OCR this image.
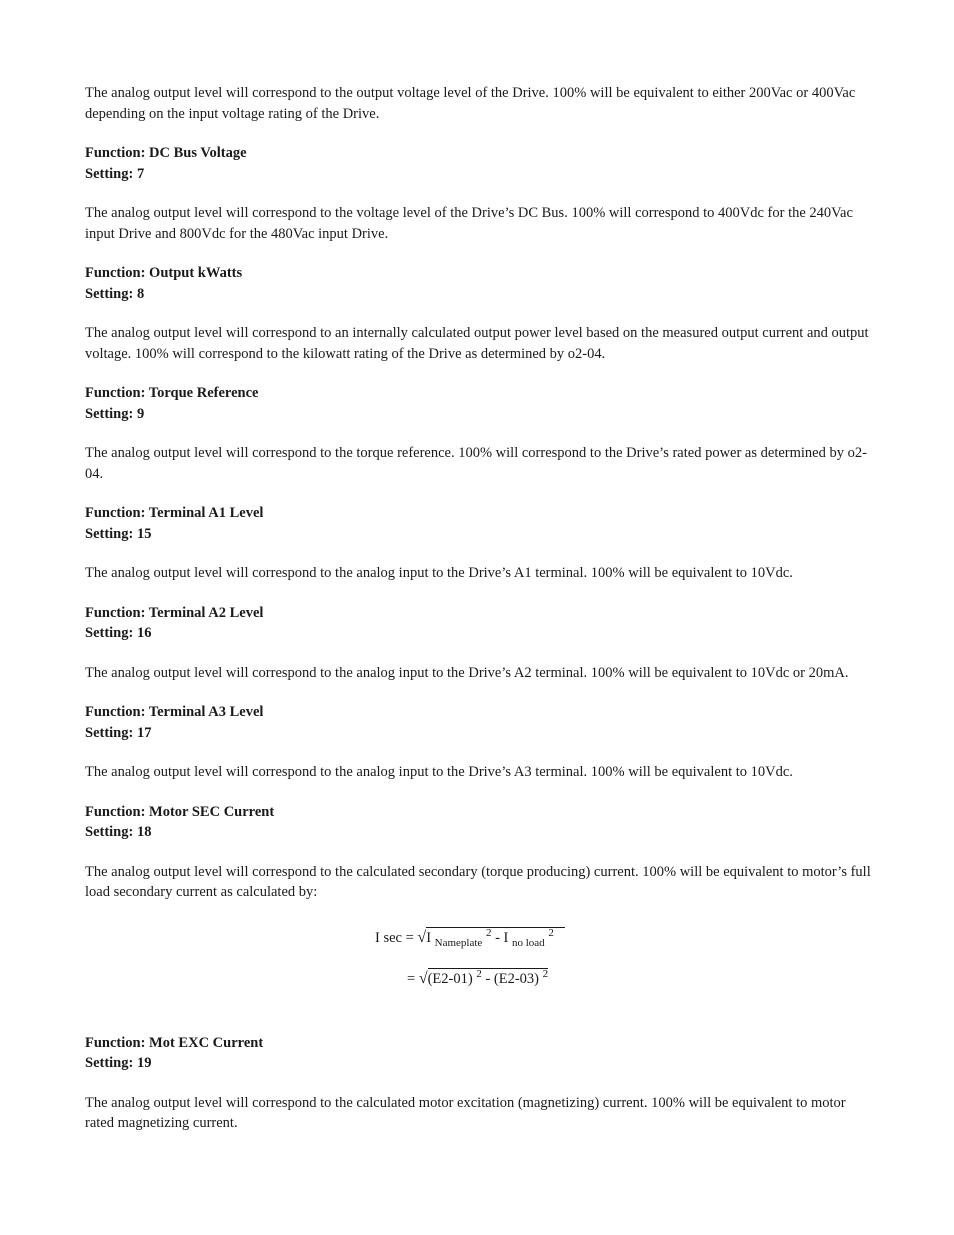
The analog output level will correspond to the output voltage level of the Drive. 100% will be equivalent to either 200Vac or 400Vac depending on the input voltage rating of the Drive.

Function: DC Bus Voltage
Setting: 7

The analog output level will correspond to the voltage level of the Drive’s DC Bus. 100% will correspond to 400Vdc for the 240Vac input Drive and 800Vdc for the 480Vac input Drive.

Function: Output kWatts
Setting: 8

The analog output level will correspond to an internally calculated output power level based on the measured output current and output voltage. 100% will correspond to the kilowatt rating of the Drive as determined by o2-04.

Function: Torque Reference
Setting: 9

The analog output level will correspond to the torque reference. 100% will correspond to the Drive’s rated power as determined by o2-04.

Function: Terminal A1 Level
Setting: 15

The analog output level will correspond to the analog input to the Drive’s A1 terminal. 100% will be equivalent to 10Vdc.

Function: Terminal A2 Level
Setting: 16

The analog output level will correspond to the analog input to the Drive’s A2 terminal. 100% will be equivalent to 10Vdc or 20mA.

Function: Terminal A3 Level
Setting: 17

The analog output level will correspond to the analog input to the Drive’s A3 terminal. 100% will be equivalent to 10Vdc.

Function: Motor SEC Current
Setting: 18

The analog output level will correspond to the calculated secondary (torque producing) current. 100% will be equivalent to motor’s full load secondary current as calculated by:

I sec = √I $_{Nameplate}$ $^2$ - I $_{no load}$ $^2$
= √(E2-01) $^2$ - (E2-03) $^2$
Function: Mot EXC Current
Setting: 19

The analog output level will correspond to the calculated motor excitation (magnetizing) current. 100% will be equivalent to motor rated magnetizing current.
